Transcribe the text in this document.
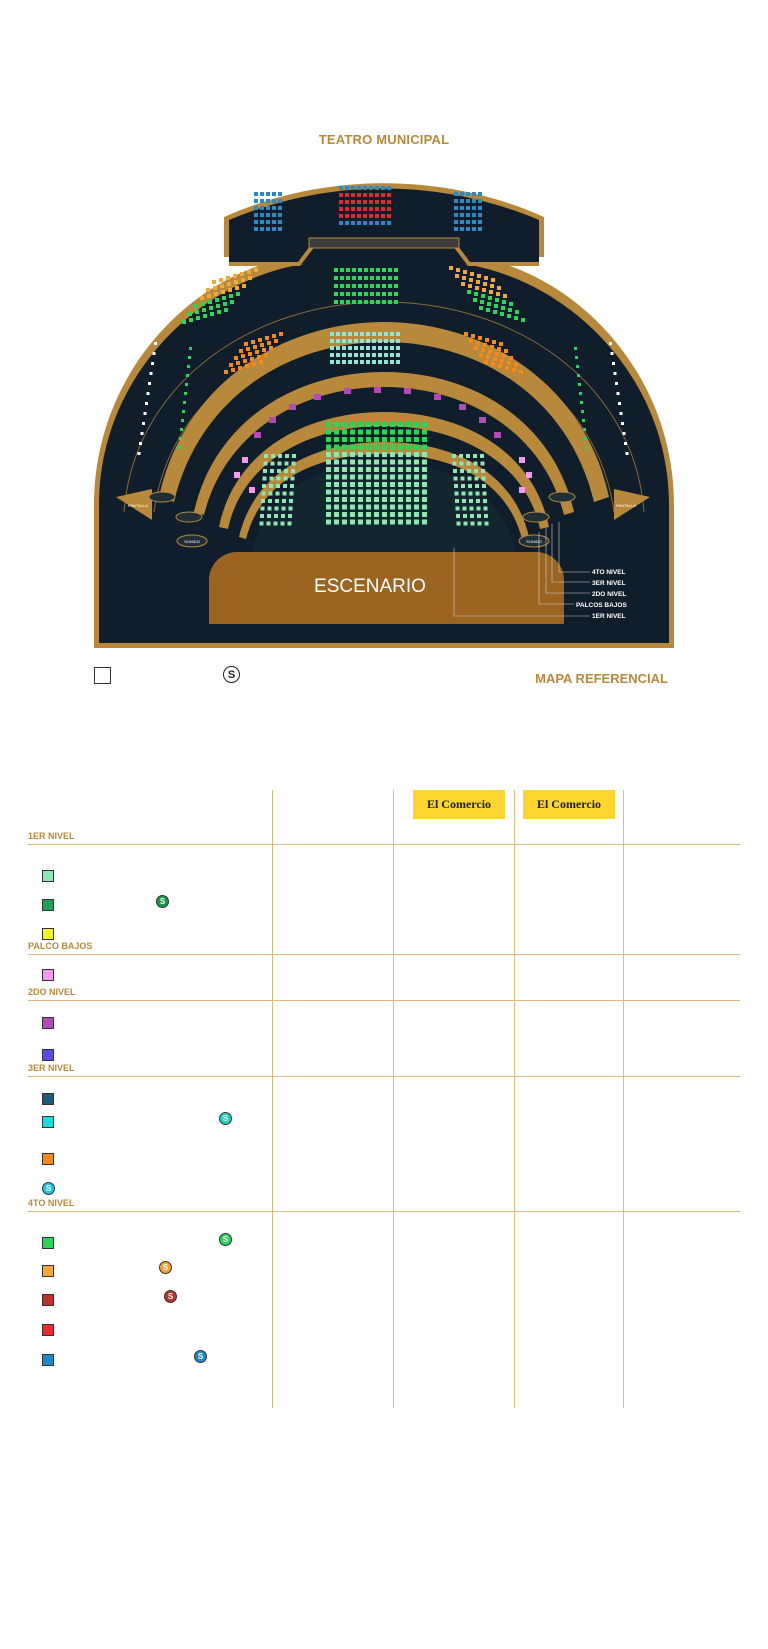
TEATRO MUNICIPAL
ESCENARIO
PANTALLA	PANTALLA
SONIDO	SONIDO
4TO NIVEL
3ER NIVEL
2DO NIVEL
PALCOS BAJOS
1ER NIVEL
S	MAPA REFERENCIAL
El Comercio	El Comercio
1ER NIVEL
PALCO BAJOS
2DO NIVEL
3ER NIVEL
4TO NIVEL
S
S
S
S
S
S
S
